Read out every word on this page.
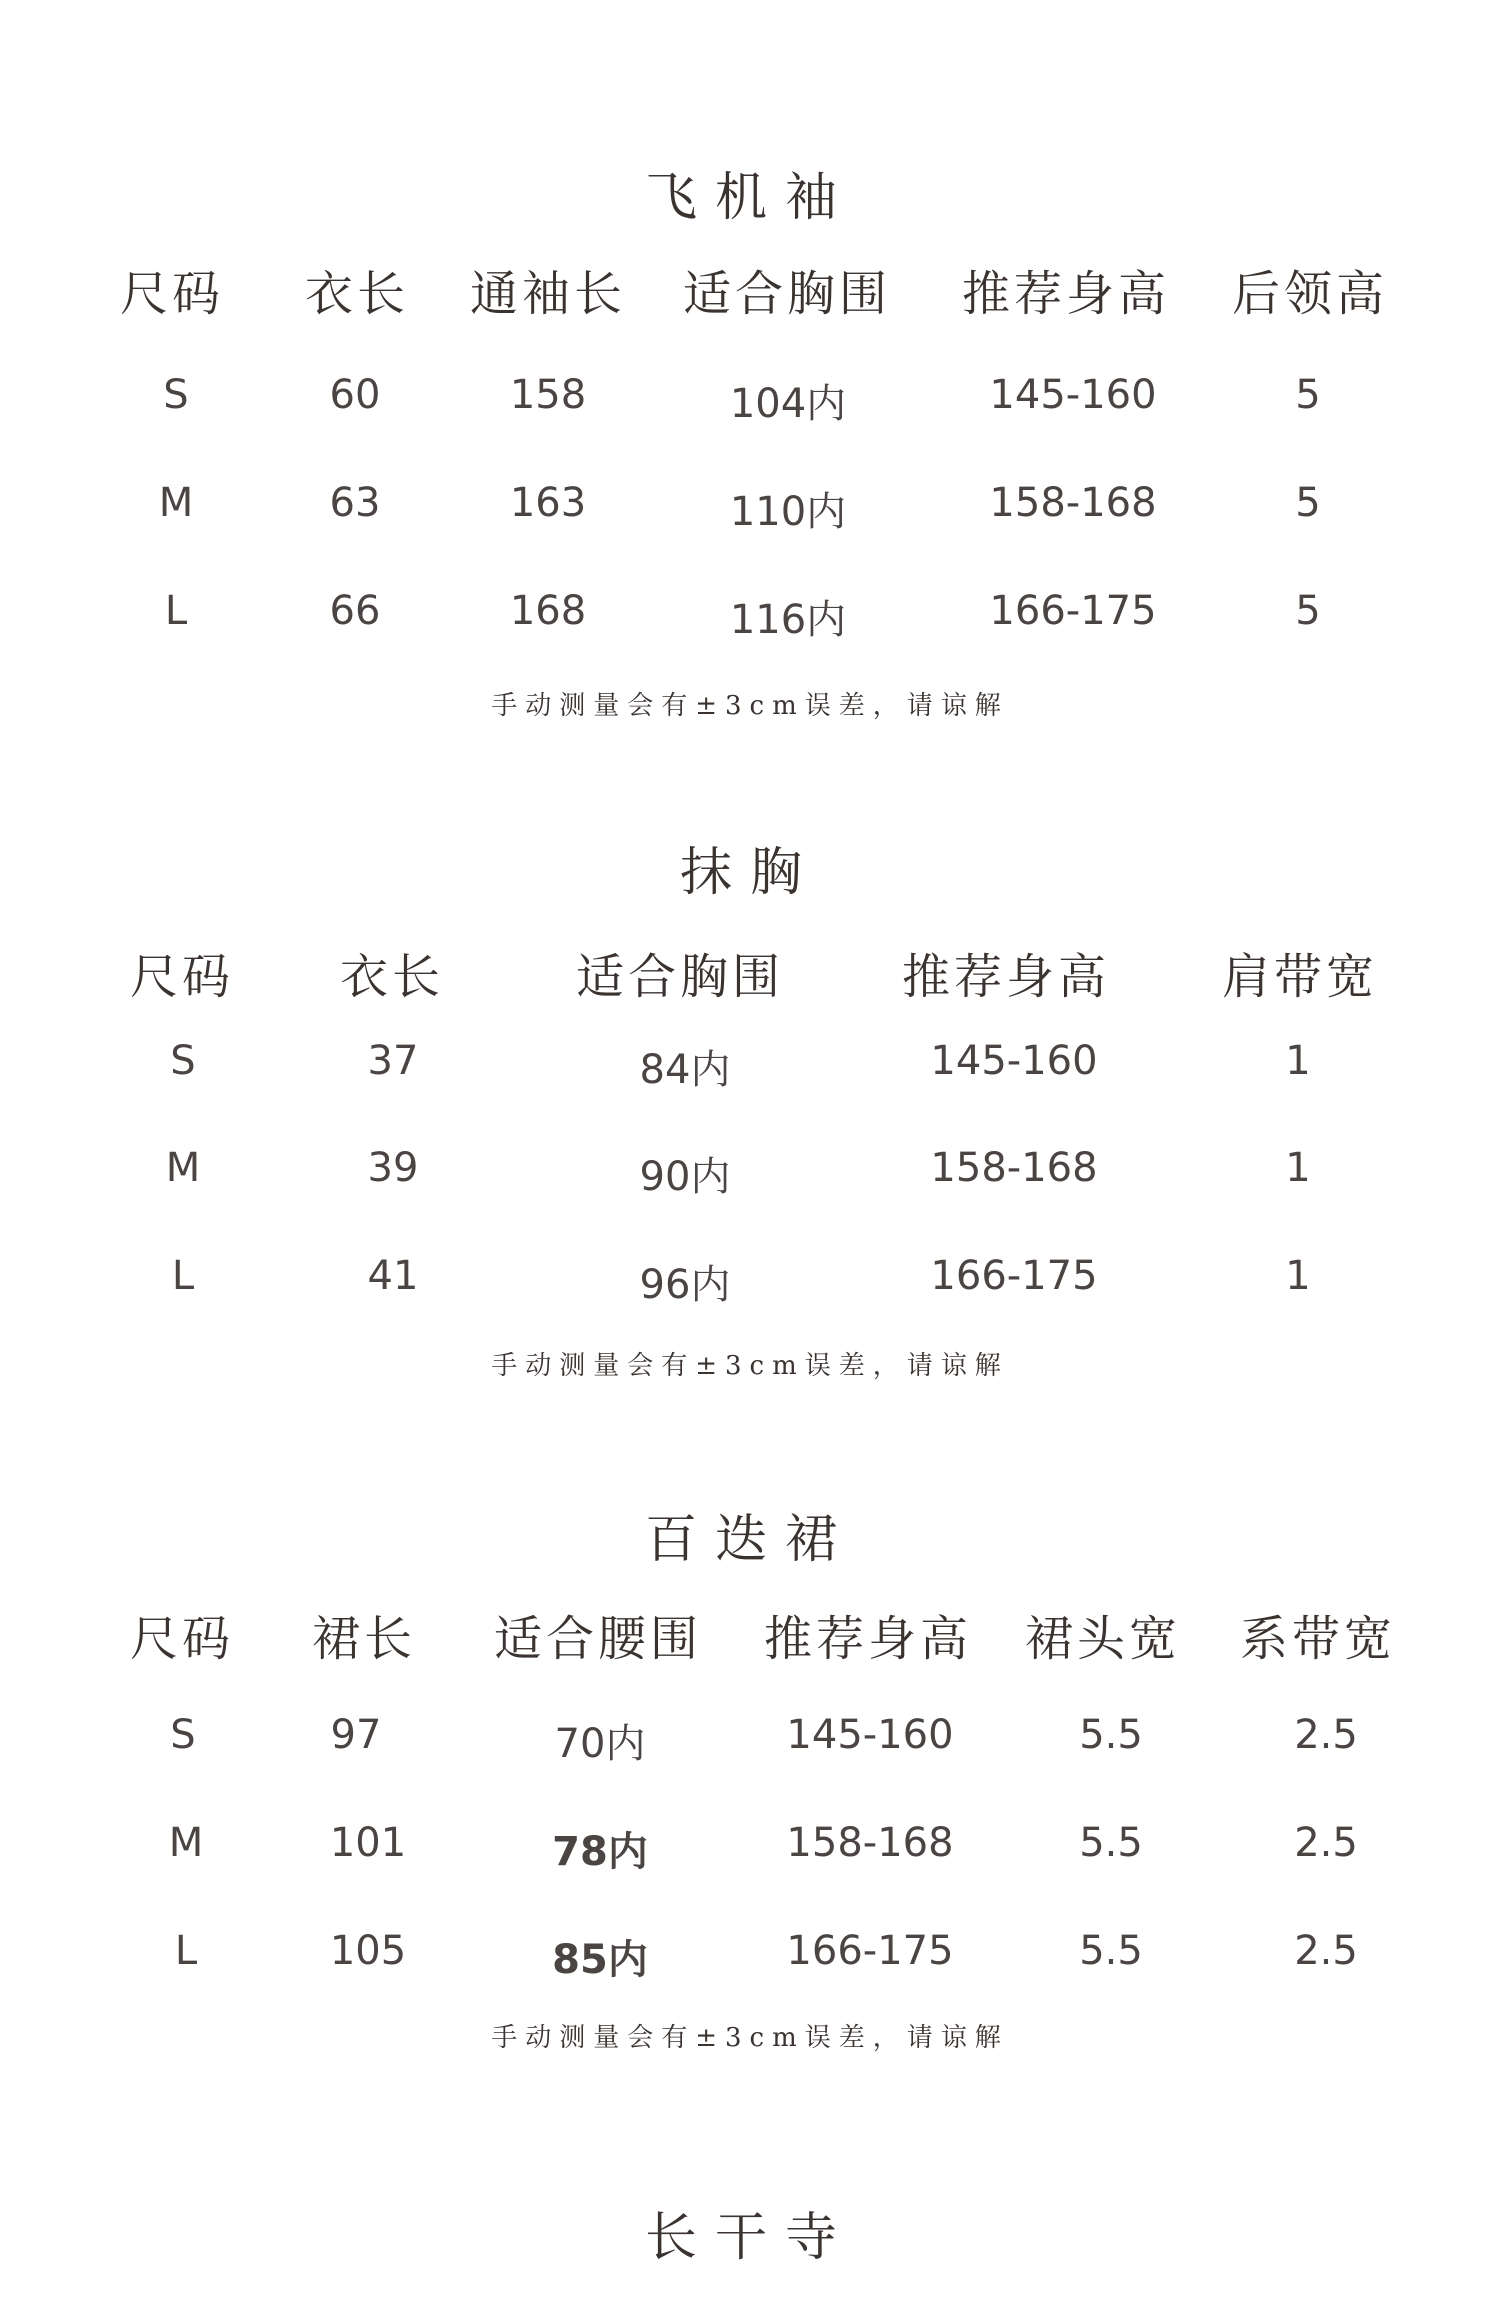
飞机袖
尺码 衣长 通袖长 适合胸围 推荐身高 后领高
S	60	158	104内	145-160	5
M	63	163	110内	158-168	5
L	66	168	116内	166-175	5
手动测量会有±3cm误差，请谅解
抹胸
尺码 衣长	适合胸围 推荐身高 肩带宽
S	37	84内	145-160	1
M	39	90内	158-168	1
L	41	96内	166-175	1
手动测量会有±3cm误差，请谅解
百迭裙
尺码 裙长 适合腰围 推荐身高 裙头宽 系带宽
S	97	70内	145-160	5.5	2.5
M	101	78内	158-168	5.5	2.5
L	105	85内	166-175	5.5	2.5
手动测量会有±3cm误差，请谅解
长干寺
